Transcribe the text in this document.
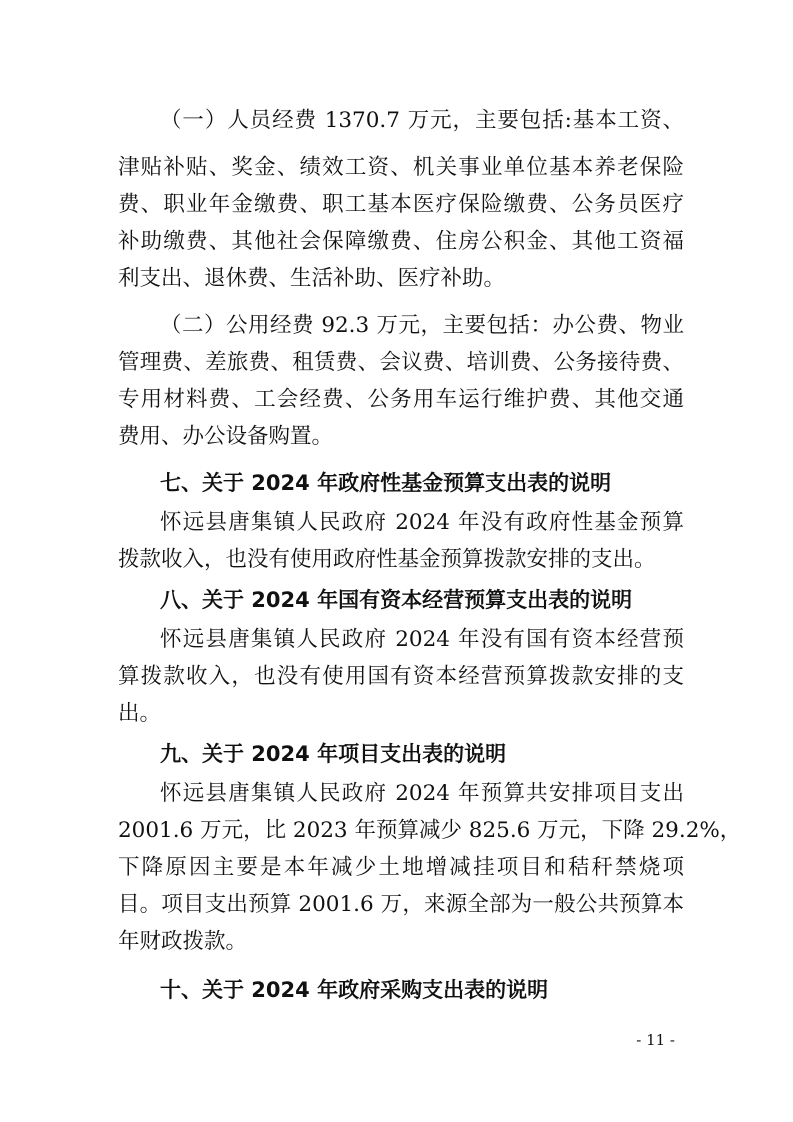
（一）人员经费 1370.7 万元，主要包括:基本工资、
津贴补贴、奖金、绩效工资、机关事业单位基本养老保险
费、职业年金缴费、职工基本医疗保险缴费、公务员医疗
补助缴费、其他社会保障缴费、住房公积金、其他工资福
利支出、退休费、生活补助、医疗补助。
（二）公用经费 92.3 万元，主要包括：办公费、物业
管理费、差旅费、租赁费、会议费、培训费、公务接待费、
专用材料费、工会经费、公务用车运行维护费、其他交通
费用、办公设备购置。
七、关于 2024 年政府性基金预算支出表的说明
怀远县唐集镇人民政府 2024 年没有政府性基金预算
拨款收入，也没有使用政府性基金预算拨款安排的支出。
八、关于 2024 年国有资本经营预算支出表的说明
怀远县唐集镇人民政府 2024 年没有国有资本经营预
算拨款收入，也没有使用国有资本经营预算拨款安排的支
出。
九、关于 2024 年项目支出表的说明
怀远县唐集镇人民政府 2024 年预算共安排项目支出
2001.6 万元，比 2023 年预算减少 825.6 万元，下降 29.2%，
下降原因主要是本年减少土地增减挂项目和秸秆禁烧项
目。项目支出预算 2001.6 万，来源全部为一般公共预算本
年财政拨款。
十、关于 2024 年政府采购支出表的说明
- 11 -
